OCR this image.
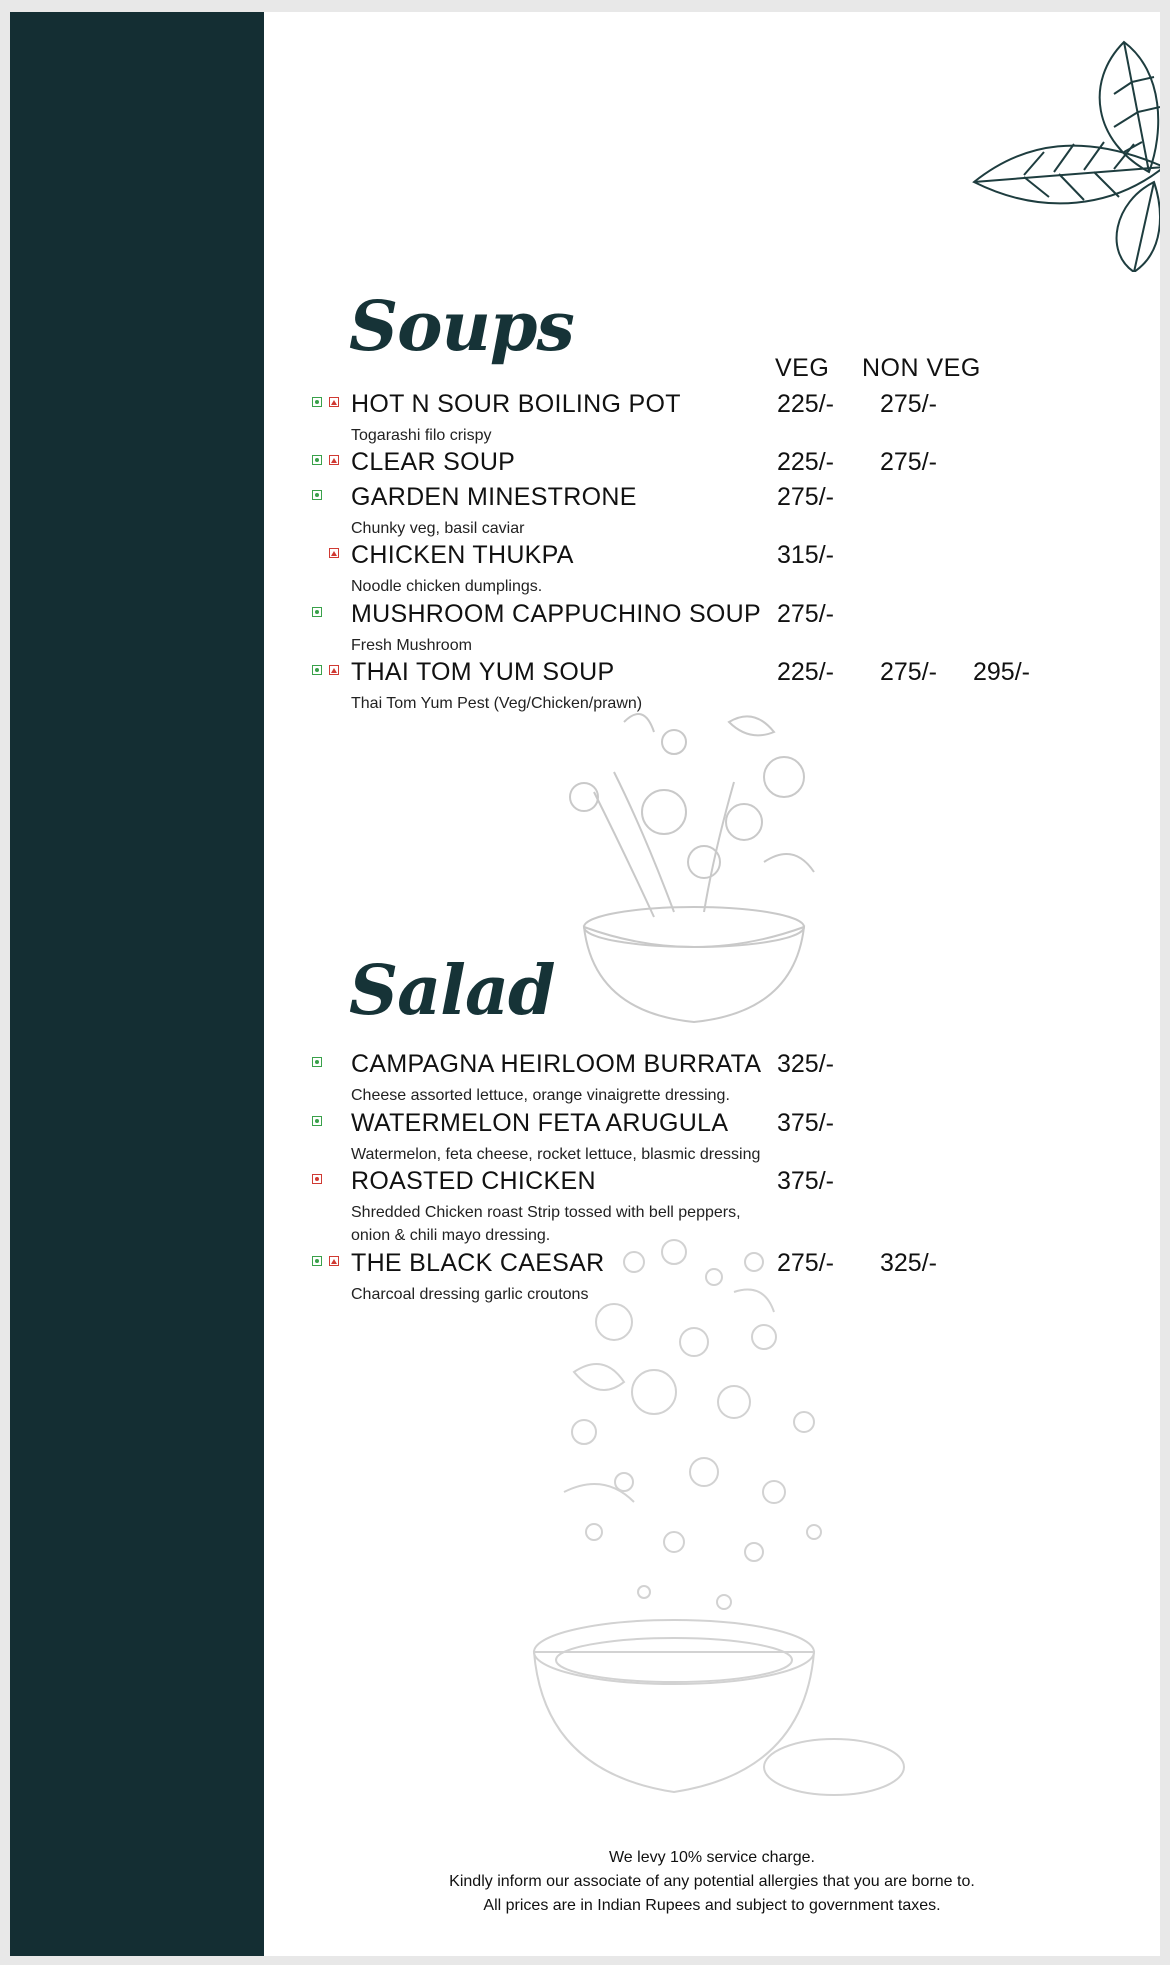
Soups
VEG NON VEG
HOT N SOUR BOILING POT
Togarashi filo crispy
225/- 275/-
CLEAR SOUP	225/- 275/-
GARDEN MINESTRONE
Chunky veg, basil caviar
275/-
CHICKEN THUKPA
Noodle chicken dumplings.
315/-
MUSHROOM CAPPUCHINO SOUP
Fresh Mushroom
275/-
THAI TOM YUM SOUP
Thai Tom Yum Pest (Veg/Chicken/prawn)
225/- 275/- 295/-
Salad
CAMPAGNA HEIRLOOM BURRATA
Cheese assorted lettuce, orange vinaigrette dressing.
325/-
WATERMELON FETA ARUGULA
Watermelon, feta cheese, rocket lettuce, blasmic dressing
375/-
ROASTED CHICKEN
Shredded Chicken roast Strip tossed with bell peppers,
onion & chili mayo dressing.
375/-
THE BLACK CAESAR
Charcoal dressing garlic croutons
275/- 325/-
We levy 10% service charge.
Kindly inform our associate of any potential allergies that you are borne to.
All prices are in Indian Rupees and subject to government taxes.
